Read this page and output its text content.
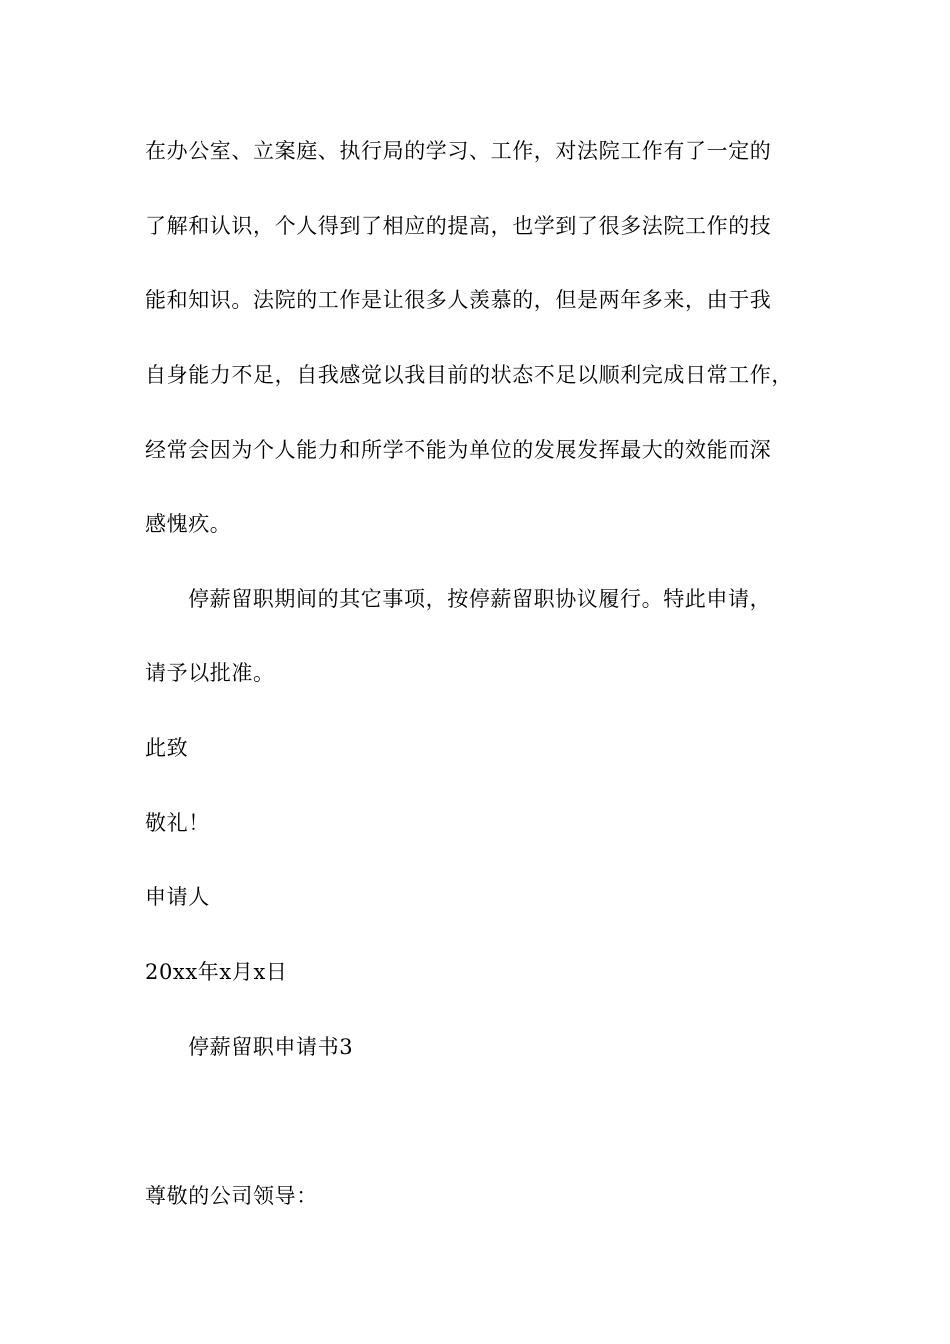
在办公室、立案庭、执行局的学习、工作，对法院工作有了一定的
了解和认识，个人得到了相应的提高，也学到了很多法院工作的技
能和知识。法院的工作是让很多人羡慕的，但是两年多来，由于我
自身能力不足，自我感觉以我目前的状态不足以顺利完成日常工作，
经常会因为个人能力和所学不能为单位的发展发挥最大的效能而深
感愧疚。
停薪留职期间的其它事项，按停薪留职协议履行。特此申请，
请予以批准。
此致
敬礼！
申请人
20xx年x月x日
停薪留职申请书3
尊敬的公司领导：
